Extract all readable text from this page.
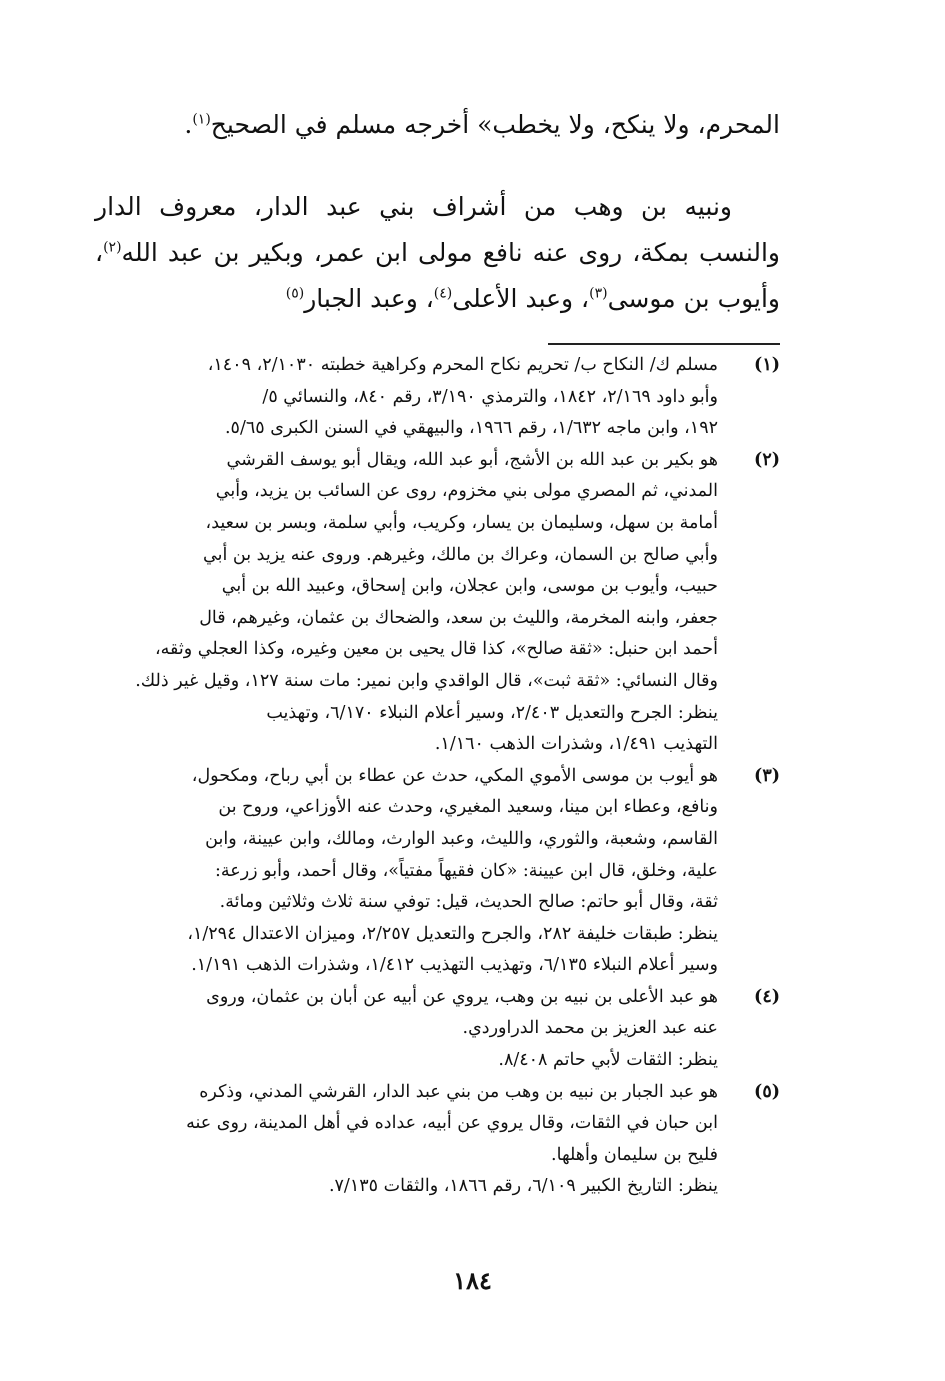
المحرم، ولا ينكح، ولا يخطب» أخرجه مسلم في الصحيح$^{(١)}$.
ونبيه بن وهب من أشراف بني عبد الدار، معروف الدار والنسب بمكة، روى عنه نافع مولى ابن عمر، وبكير بن عبد الله$^{(٢)}$، وأيوب بن موسى$^{(٣)}$، وعبد الأعلى$^{(٤)}$، وعبد الجبار$^{(٥)}$
(١)
مسلم ك/ النكاح ب/ تحريم نكاح المحرم وكراهية خطبته ٢/١٠٣٠، ١٤٠٩،
وأبو داود ٢/١٦٩، ١٨٤٢، والترمذي ٣/١٩٠، رقم ٨٤٠، والنسائي ٥/
١٩٢، وابن ماجه ١/٦٣٢، رقم ١٩٦٦، والبيهقي في السنن الكبرى ٥/٦٥.
(٢)
هو بكير بن عبد الله بن الأشج، أبو عبد الله، ويقال أبو يوسف القرشي
المدني، ثم المصري مولى بني مخزوم، روى عن السائب بن يزيد، وأبي
أمامة بن سهل، وسليمان بن يسار، وكريب، وأبي سلمة، وبسر بن سعيد،
وأبي صالح بن السمان، وعراك بن مالك، وغيرهم. وروى عنه يزيد بن أبي
حبيب، وأيوب بن موسى، وابن عجلان، وابن إسحاق، وعبيد الله بن أبي
جعفر، وابنه المخرمة، والليث بن سعد، والضحاك بن عثمان، وغيرهم، قال
أحمد ابن حنبل: «ثقة صالح»، كذا قال يحيى بن معين وغيره، وكذا العجلي وثقه،
وقال النسائي: «ثقة ثبت»، قال الواقدي وابن نمير: مات سنة ١٢٧، وقيل غير ذلك.
ينظر: الجرح والتعديل ٢/٤٠٣، وسير أعلام النبلاء ٦/١٧٠، وتهذيب
التهذيب ١/٤٩١، وشذرات الذهب ١/١٦٠.
(٣)
هو أيوب بن موسى الأموي المكي، حدث عن عطاء بن أبي رباح، ومكحول،
ونافع، وعطاء ابن مينا، وسعيد المغيري، وحدث عنه الأوزاعي، وروح بن
القاسم، وشعبة، والثوري، والليث، وعبد الوارث، ومالك، وابن عيينة، وابن
علية، وخلق، قال ابن عيينة: «كان فقيهاً مفتياً»، وقال أحمد، وأبو زرعة:
ثقة، وقال أبو حاتم: صالح الحديث، قيل: توفي سنة ثلاث وثلاثين ومائة.
ينظر: طبقات خليفة ٢٨٢، والجرح والتعديل ٢/٢٥٧، وميزان الاعتدال ١/٢٩٤،
وسير أعلام النبلاء ٦/١٣٥، وتهذيب التهذيب ١/٤١٢، وشذرات الذهب ١/١٩١.
(٤)
هو عبد الأعلى بن نبيه بن وهب، يروي عن أبيه عن أبان بن عثمان، وروى
عنه عبد العزيز بن محمد الدراوردي.
ينظر: الثقات لأبي حاتم ٨/٤٠٨.
(٥)
هو عبد الجبار بن نبيه بن وهب من بني عبد الدار، القرشي المدني، وذكره
ابن حبان في الثقات، وقال يروي عن أبيه، عداده في أهل المدينة، روى عنه
فليح بن سليمان وأهلها.
ينظر: التاريخ الكبير ٦/١٠٩، رقم ١٨٦٦، والثقات ٧/١٣٥.
١٨٤
